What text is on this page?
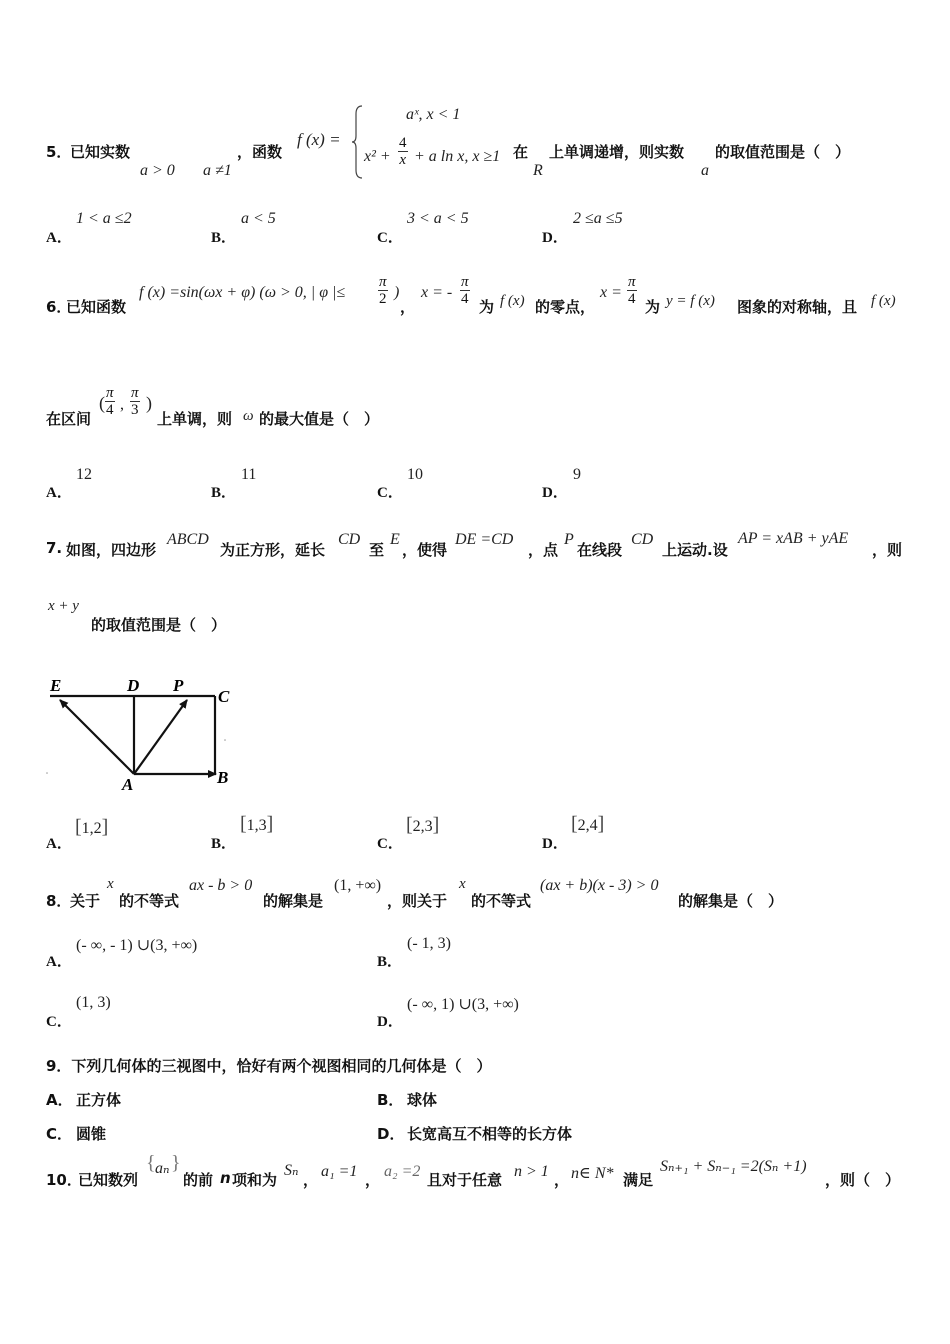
5．
已知实数
a > 0 a ≠1
，函数
f (x) =
aˣ, x < 1
$x^2 + \frac{4}{x} + a$ ln x, x ≥1 在
R
上单调递增，则实数
a
的取值范围是（　）
A．
1 < a ≤2
B．
a < 5
C．
3 < a < 5
D．
2 ≤a ≤5
6．
已知函数
f (x) =sin(ωx + φ) (ω > 0, | φ |≤ $\frac{\pi}{2}$ )
，
x = - $\frac{\pi}{4}$ 为 f (x) 的零点，
$x = \frac{\pi}{4}$ 为 y = f (x) 图象的对称轴，且 f (x)
在区间
( $\frac{\pi}{4}$ , $\frac{\pi}{3}$ )
上单调，则 ω 的最大值是（　）
A．
12
B．
11
C．
10
D．
9
7. 如图，四边形
ABCD
为正方形，延长
CD
至
E
，使得
DE =CD
，点
P
在线段
CD
上运动.设
AP = xAB + yAE
，则
x + y
的取值范围是（　）
E	D P
C
A	B
A．
[1,2]
B．
[1,3]
C．
[2,3]
D．
[2,4]
8．
关于
x
的不等式
ax - b > 0
的解集是
(1, +∞)
，则关于
x
的不等式
(ax + b)(x - 3) > 0
的解集是（　）
A．
(- ∞, - 1) ∪(3, +∞)
B．
(- 1, 3)
C．
(1, 3)
D．
(- ∞, 1) ∪(3, +∞)
9．下列几何体的三视图中，恰好有两个视图相同的几何体是（　）
A． 正方体	B． 球体
C． 圆锥	D． 长宽高互不相等的长方体
10．
已知数列
{ aₙ }
的前 n 项和为
Sₙ
， a₁ =1 ， a₂ =2 且对于任意 n > 1 ， n∈ N* 满足
Sₙ₊₁ + Sₙ₋₁ =2(Sₙ +1)
，则（　）
